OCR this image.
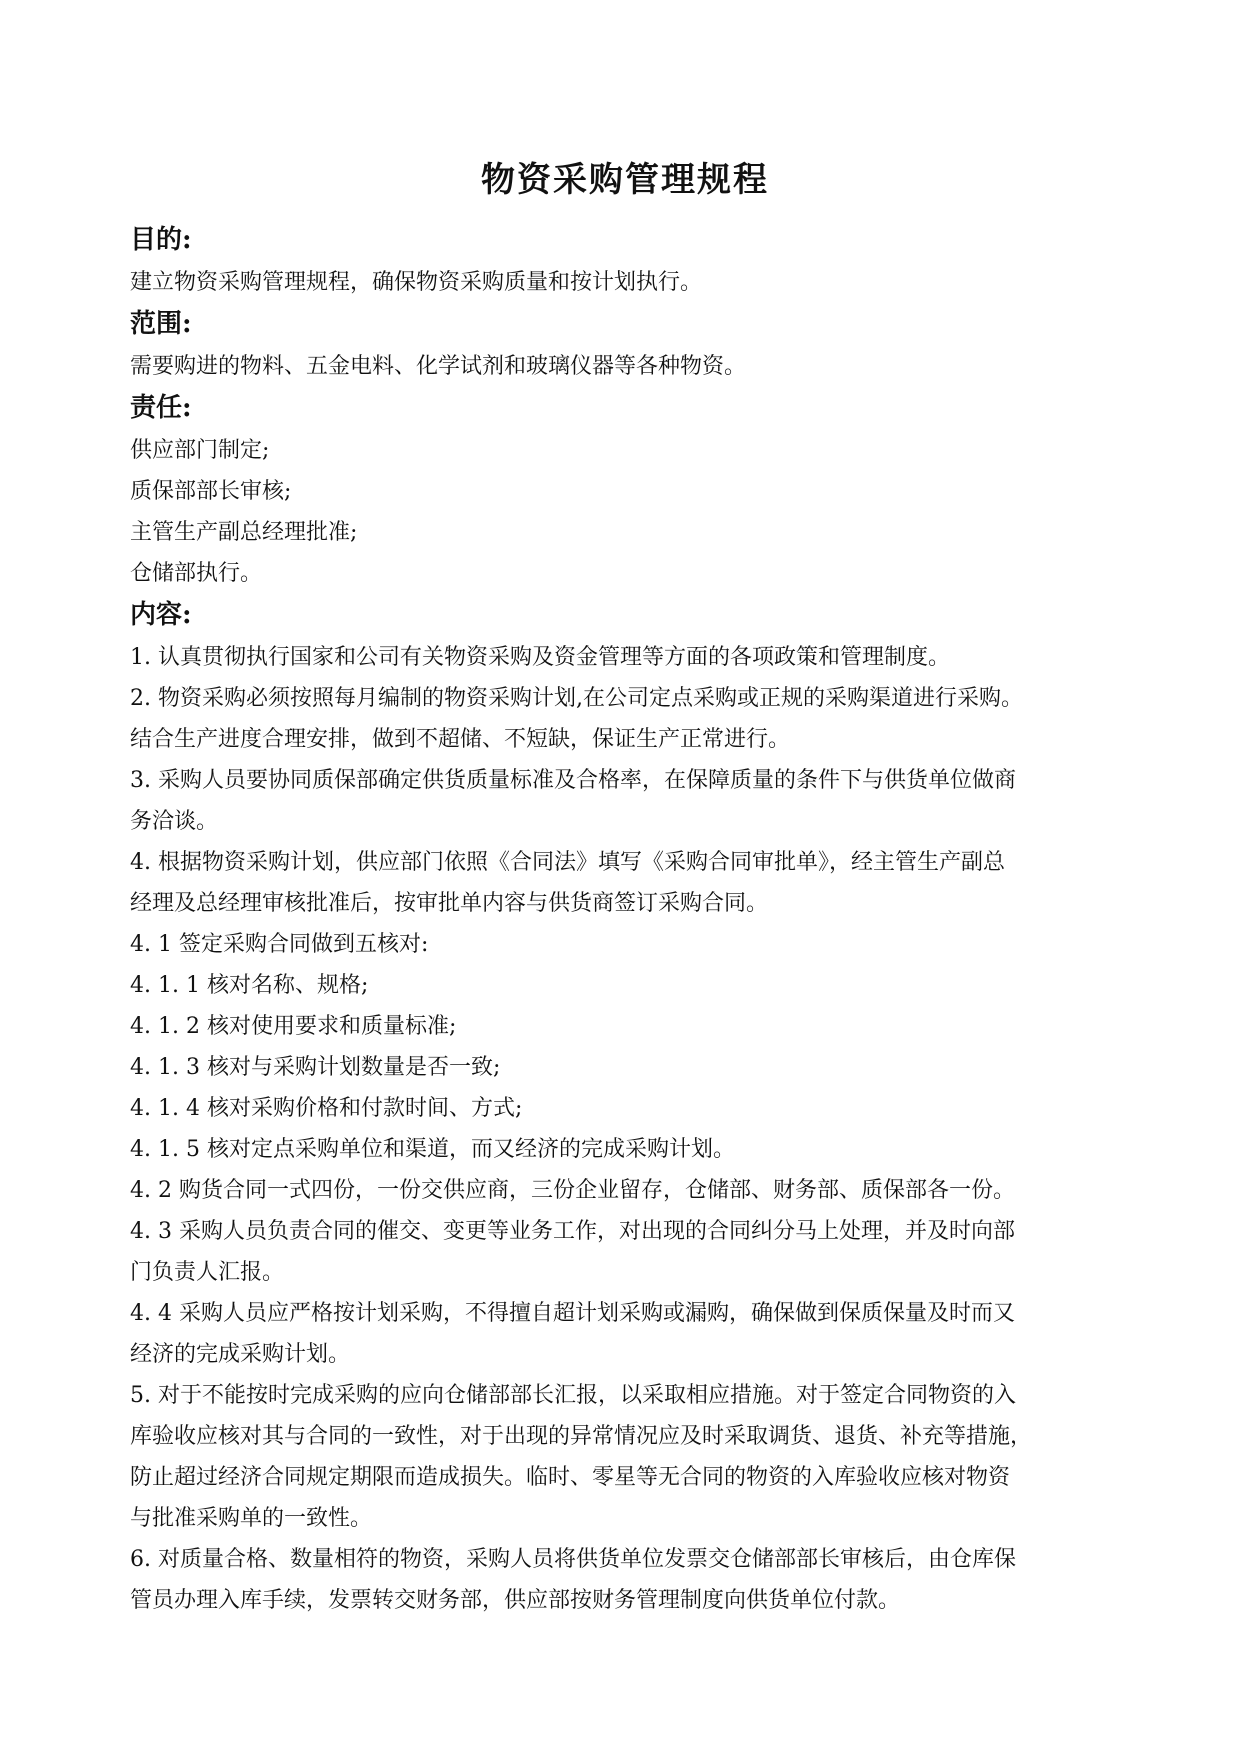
物资采购管理规程
目的:
建立物资采购管理规程，确保物资采购质量和按计划执行。
范围:
需要购进的物料、五金电料、化学试剂和玻璃仪器等各种物资。
责任:
供应部门制定;
质保部部长审核;
主管生产副总经理批准;
仓储部执行。
内容:
1. 认真贯彻执行国家和公司有关物资采购及资金管理等方面的各项政策和管理制度。
2. 物资采购必须按照每月编制的物资采购计划,在公司定点采购或正规的采购渠道进行采购。
结合生产进度合理安排，做到不超储、不短缺，保证生产正常进行。
3. 采购人员要协同质保部确定供货质量标准及合格率，在保障质量的条件下与供货单位做商
务洽谈。
4. 根据物资采购计划，供应部门依照《合同法》填写《采购合同审批单》，经主管生产副总
经理及总经理审核批准后，按审批单内容与供货商签订采购合同。
4. 1 签定采购合同做到五核对:
4. 1. 1 核对名称、规格;
4. 1. 2 核对使用要求和质量标准;
4. 1. 3 核对与采购计划数量是否一致;
4. 1. 4 核对采购价格和付款时间、方式;
4. 1. 5 核对定点采购单位和渠道，而又经济的完成采购计划。
4. 2 购货合同一式四份，一份交供应商，三份企业留存，仓储部、财务部、质保部各一份。
4. 3 采购人员负责合同的催交、变更等业务工作，对出现的合同纠分马上处理，并及时向部
门负责人汇报。
4. 4 采购人员应严格按计划采购，不得擅自超计划采购或漏购，确保做到保质保量及时而又
经济的完成采购计划。
5. 对于不能按时完成采购的应向仓储部部长汇报，以采取相应措施。对于签定合同物资的入
库验收应核对其与合同的一致性，对于出现的异常情况应及时采取调货、退货、补充等措施，
防止超过经济合同规定期限而造成损失。临时、零星等无合同的物资的入库验收应核对物资
与批准采购单的一致性。
6. 对质量合格、数量相符的物资，采购人员将供货单位发票交仓储部部长审核后，由仓库保
管员办理入库手续，发票转交财务部，供应部按财务管理制度向供货单位付款。
